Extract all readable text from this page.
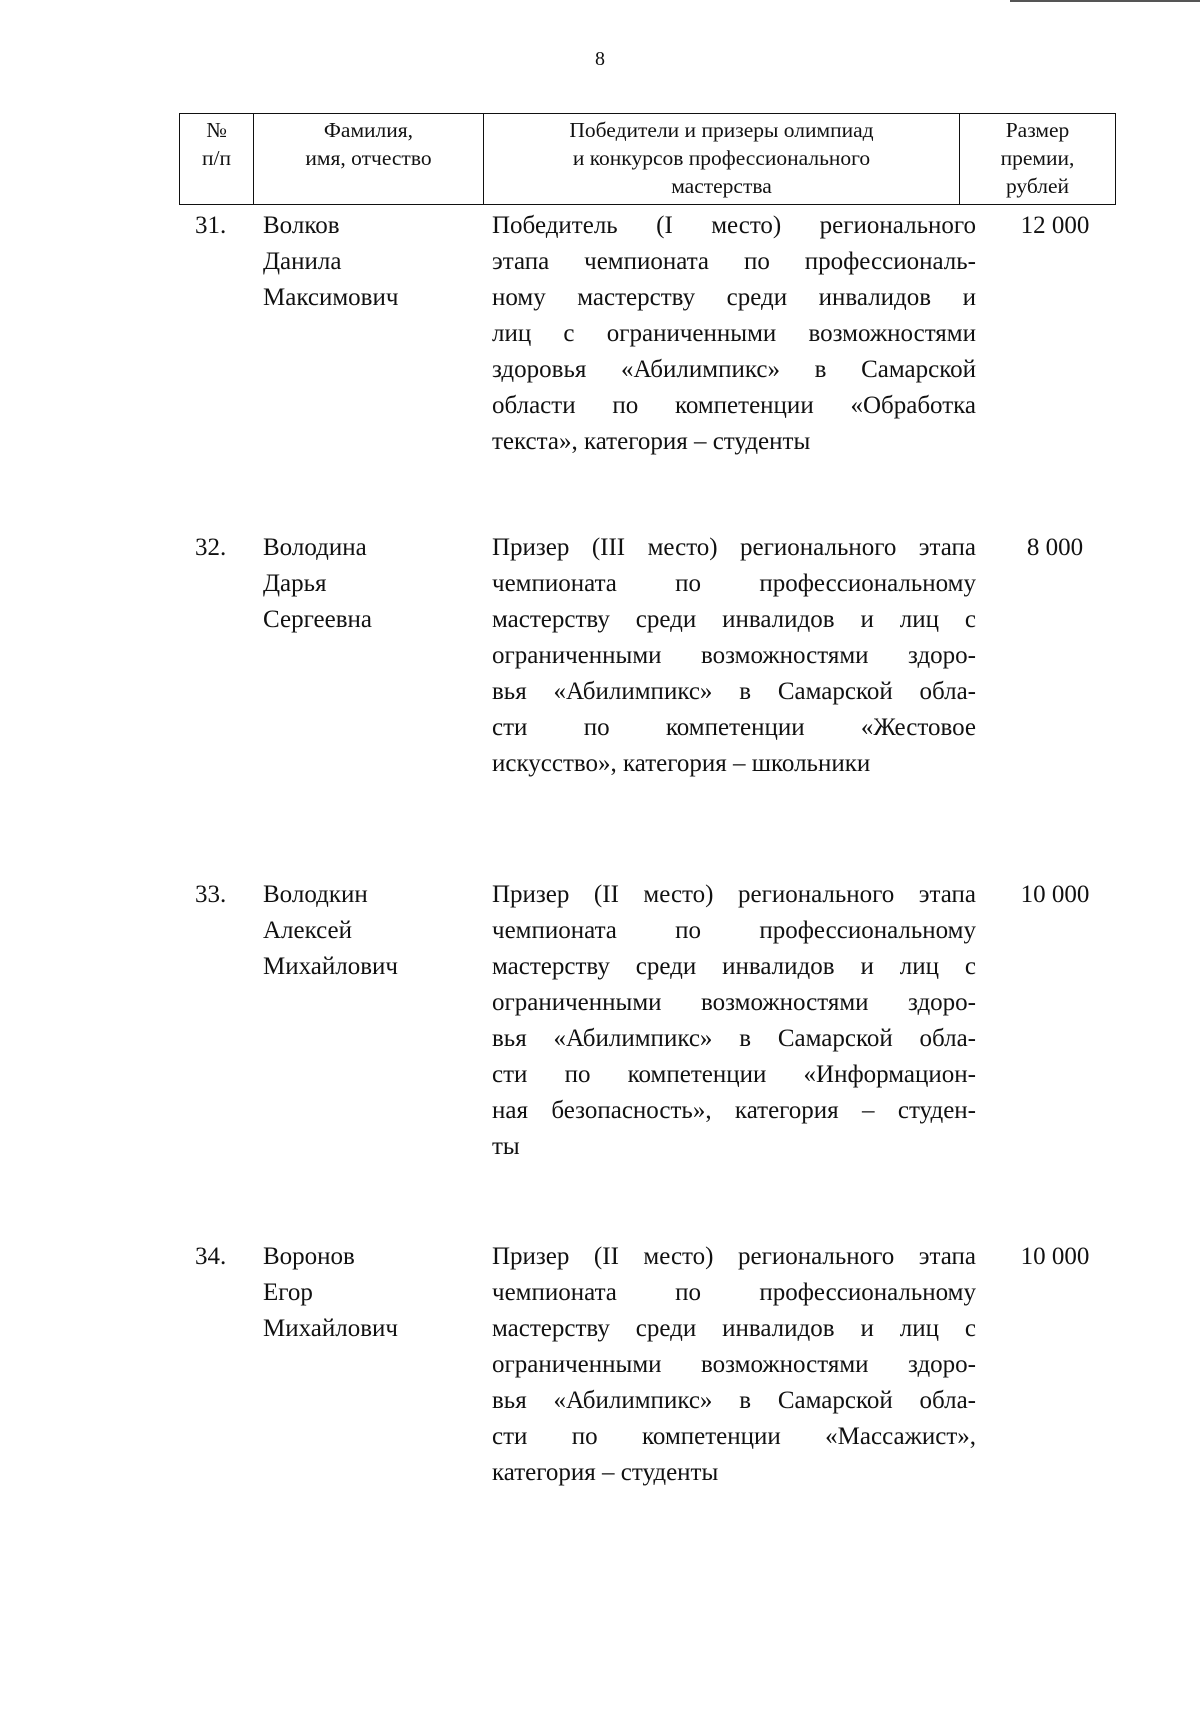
8
№
п/п
Фамилия,
имя, отчество
Победители и призеры олимпиад
и конкурсов профессионального
мастерства
Размер
премии,
рублей
31. Волков
Данила
Максимович
Победитель (I место) регионального
этапа чемпионата по профессиональ-
ному мастерству среди инвалидов и
лиц с ограниченными возможностями
здоровья «Абилимпикс» в Самарской
области по компетенции «Обработка
текста», категория – студенты
12 000
32. Володина
Дарья
Сергеевна
Призер (III место) регионального этапа
чемпионата по профессиональному
мастерству среди инвалидов и лиц с
ограниченными возможностями здоро-
вья «Абилимпикс» в Самарской обла-
сти по компетенции «Жестовое
искусство», категория – школьники
8 000
33. Володкин
Алексей
Михайлович
Призер (II место) регионального этапа
чемпионата по профессиональному
мастерству среди инвалидов и лиц с
ограниченными возможностями здоро-
вья «Абилимпикс» в Самарской обла-
сти по компетенции «Информацион-
ная безопасность», категория – студен-
ты
10 000
34. Воронов
Егор
Михайлович
Призер (II место) регионального этапа
чемпионата по профессиональному
мастерству среди инвалидов и лиц с
ограниченными возможностями здоро-
вья «Абилимпикс» в Самарской обла-
сти по компетенции «Массажист»,
категория – студенты
10 000
